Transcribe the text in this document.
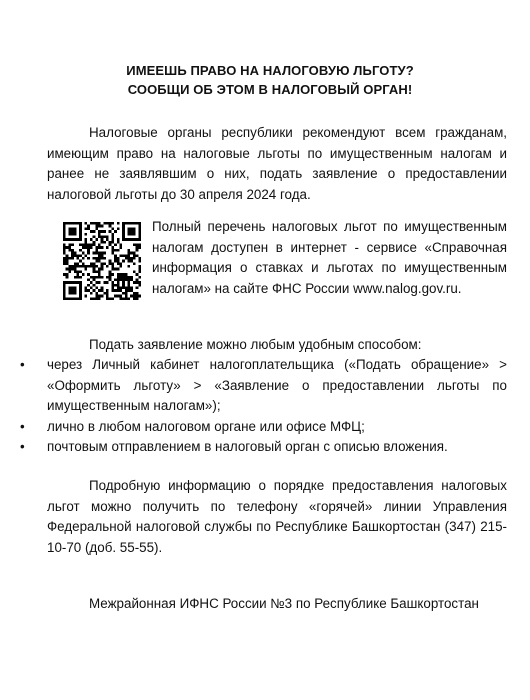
ИМЕЕШЬ ПРАВО НА НАЛОГОВУЮ ЛЬГОТУ?
СООБЩИ ОБ ЭТОМ В НАЛОГОВЫЙ ОРГАН!

Налоговые органы республики рекомендуют всем гражданам, имеющим право на налоговые льготы по имущественным налогам и ранее не заявлявшим о них, подать заявление о предоставлении налоговой льготы до 30 апреля 2024 года.

Полный перечень налоговых льгот по имущественным налогам доступен в интернет - сервисе «Справочная информация о ставках и льготах по имущественным налогам» на сайте ФНС России www.nalog.gov.ru.

Подать заявление можно любым удобным способом:

•	через Личный кабинет налогоплательщика («Подать обращение» > «Оформить льготу» > «Заявление о предоставлении льготы по имущественным налогам»);
•	лично в любом налоговом органе или офисе МФЦ;
•	почтовым отправлением в налоговый орган с описью вложения.

Подробную информацию о порядке предоставления налоговых льгот можно получить по телефону «горячей» линии Управления Федеральной налоговой службы по Республике Башкортостан (347) 215-10-70 (доб. 55-55).

Межрайонная ИФНС России №3 по Республике Башкортостан
